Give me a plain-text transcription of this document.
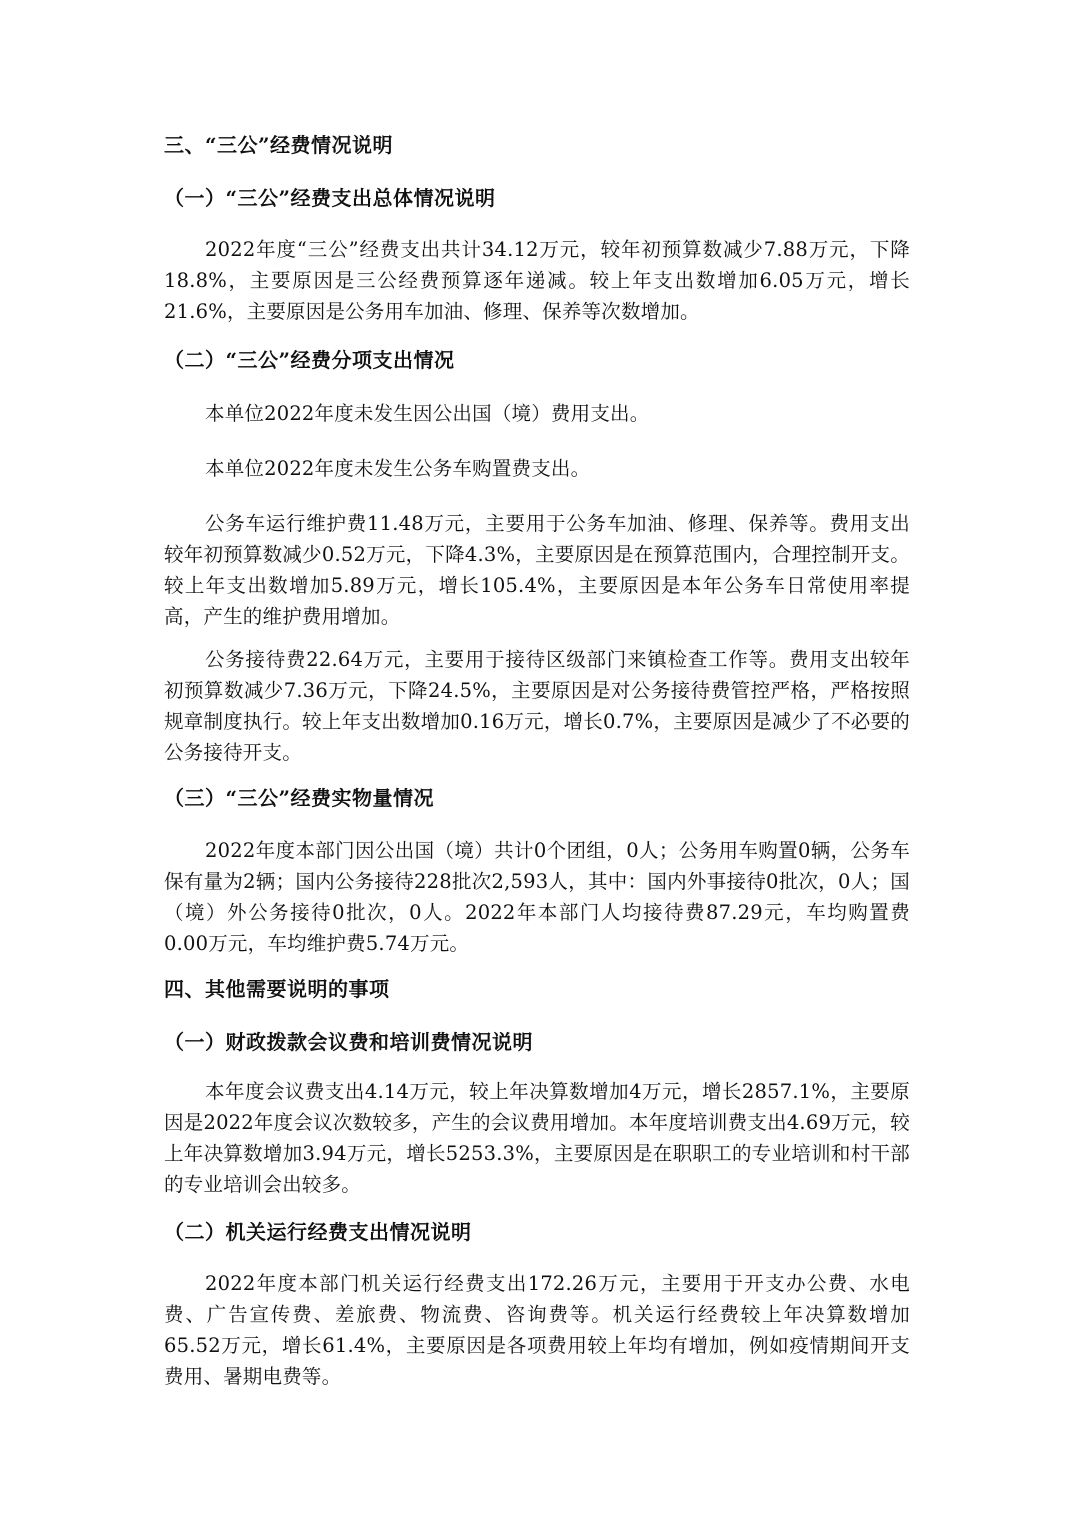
三、“三公”经费情况说明
（一）“三公”经费支出总体情况说明

2022年度“三公”经费支出共计34.12万元，较年初预算数减少7.88万元，下降18.8%，主要原因是三公经费预算逐年递减。较上年支出数增加6.05万元，增长21.6%，主要原因是公务用车加油、修理、保养等次数增加。

（二）“三公”经费分项支出情况

本单位2022年度未发生因公出国（境）费用支出。

本单位2022年度未发生公务车购置费支出。

公务车运行维护费11.48万元，主要用于公务车加油、修理、保养等。费用支出较年初预算数减少0.52万元，下降4.3%，主要原因是在预算范围内，合理控制开支。较上年支出数增加5.89万元，增长105.4%，主要原因是本年公务车日常使用率提高，产生的维护费用增加。

公务接待费22.64万元，主要用于接待区级部门来镇检查工作等。费用支出较年初预算数减少7.36万元，下降24.5%，主要原因是对公务接待费管控严格，严格按照规章制度执行。较上年支出数增加0.16万元，增长0.7%，主要原因是减少了不必要的公务接待开支。

（三）“三公”经费实物量情况

2022年度本部门因公出国（境）共计0个团组，0人；公务用车购置0辆，公务车保有量为2辆；国内公务接待228批次2,593人，其中：国内外事接待0批次，0人；国（境）外公务接待0批次，0人。2022年本部门人均接待费87.29元，车均购置费0.00万元，车均维护费5.74万元。

四、其他需要说明的事项
（一）财政拨款会议费和培训费情况说明

本年度会议费支出4.14万元，较上年决算数增加4万元，增长2857.1%，主要原因是2022年度会议次数较多，产生的会议费用增加。本年度培训费支出4.69万元，较上年决算数增加3.94万元，增长5253.3%，主要原因是在职职工的专业培训和村干部的专业培训会出较多。

（二）机关运行经费支出情况说明

2022年度本部门机关运行经费支出172.26万元，主要用于开支办公费、水电费、广告宣传费、差旅费、物流费、咨询费等。机关运行经费较上年决算数增加65.52万元，增长61.4%，主要原因是各项费用较上年均有增加，例如疫情期间开支费用、暑期电费等。
